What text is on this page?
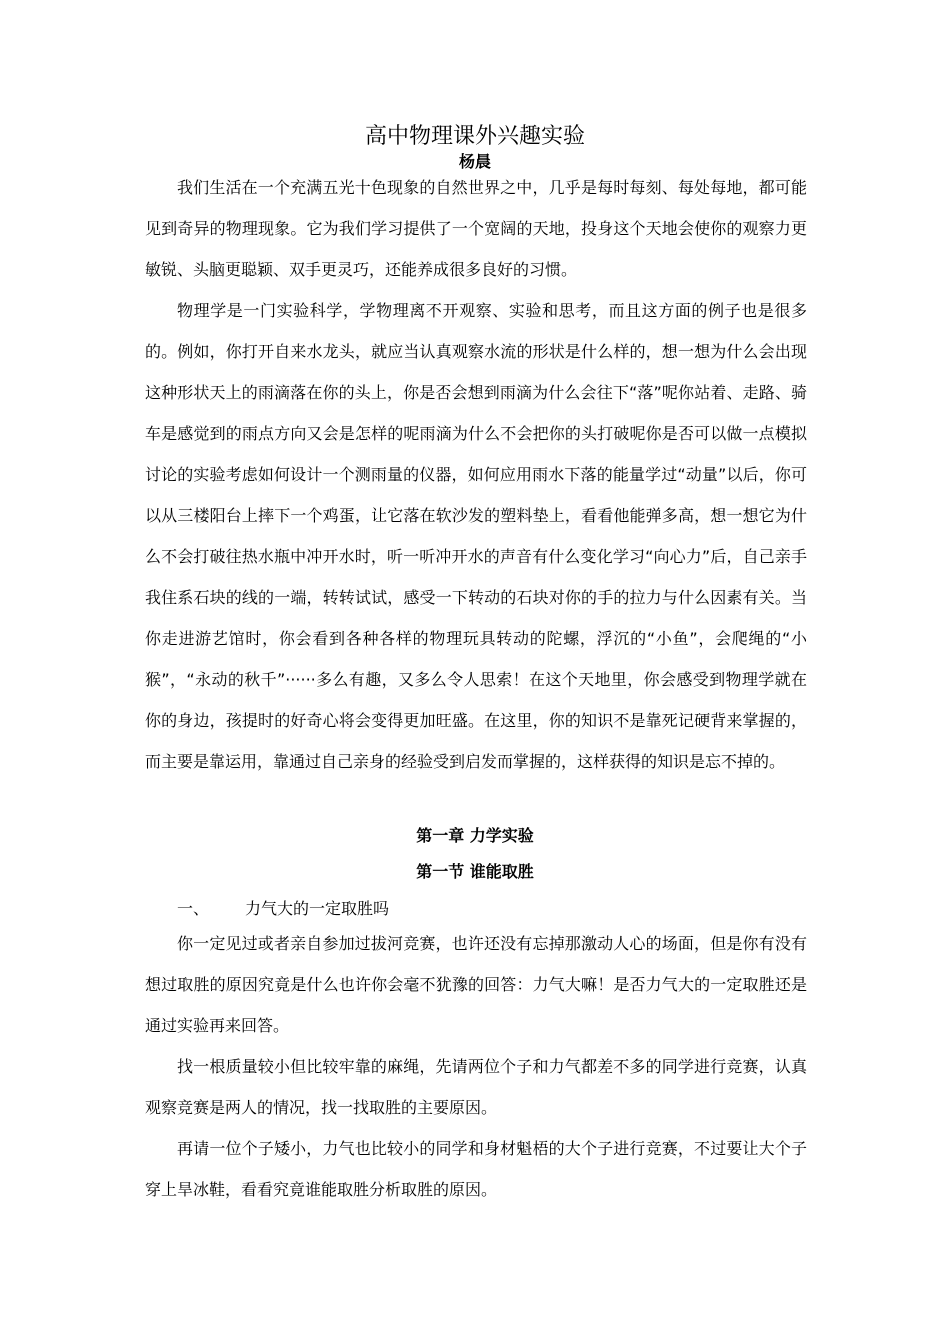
高中物理课外兴趣实验
杨晨

我们生活在一个充满五光十色现象的自然世界之中，几乎是每时每刻、每处每地，都可能见到奇异的物理现象。它为我们学习提供了一个宽阔的天地，投身这个天地会使你的观察力更敏锐、头脑更聪颖、双手更灵巧，还能养成很多良好的习惯。

物理学是一门实验科学，学物理离不开观察、实验和思考，而且这方面的例子也是很多的。例如，你打开自来水龙头，就应当认真观察水流的形状是什么样的，想一想为什么会出现这种形状天上的雨滴落在你的头上，你是否会想到雨滴为什么会往下“落”呢你站着、走路、骑车是感觉到的雨点方向又会是怎样的呢雨滴为什么不会把你的头打破呢你是否可以做一点模拟讨论的实验考虑如何设计一个测雨量的仪器，如何应用雨水下落的能量学过“动量”以后，你可以从三楼阳台上摔下一个鸡蛋，让它落在软沙发的塑料垫上，看看他能弹多高，想一想它为什么不会打破往热水瓶中冲开水时，听一听冲开水的声音有什么变化学习“向心力”后，自己亲手我住系石块的线的一端，转转试试，感受一下转动的石块对你的手的拉力与什么因素有关。当你走进游艺馆时，你会看到各种各样的物理玩具转动的陀螺，浮沉的“小鱼”，会爬绳的“小猴”，“永动的秋千”······多么有趣，又多么令人思索！在这个天地里，你会感受到物理学就在你的身边，孩提时的好奇心将会变得更加旺盛。在这里，你的知识不是靠死记硬背来掌握的，而主要是靠运用，靠通过自己亲身的经验受到启发而掌握的，这样获得的知识是忘不掉的。

第一章 力学实验
第一节 谁能取胜
一、 力气大的一定取胜吗

你一定见过或者亲自参加过拔河竞赛，也许还没有忘掉那激动人心的场面，但是你有没有想过取胜的原因究竟是什么也许你会毫不犹豫的回答：力气大嘛！是否力气大的一定取胜还是通过实验再来回答。

找一根质量较小但比较牢靠的麻绳，先请两位个子和力气都差不多的同学进行竞赛，认真观察竞赛是两人的情况，找一找取胜的主要原因。

再请一位个子矮小，力气也比较小的同学和身材魁梧的大个子进行竞赛，不过要让大个子穿上旱冰鞋，看看究竟谁能取胜分析取胜的原因。
